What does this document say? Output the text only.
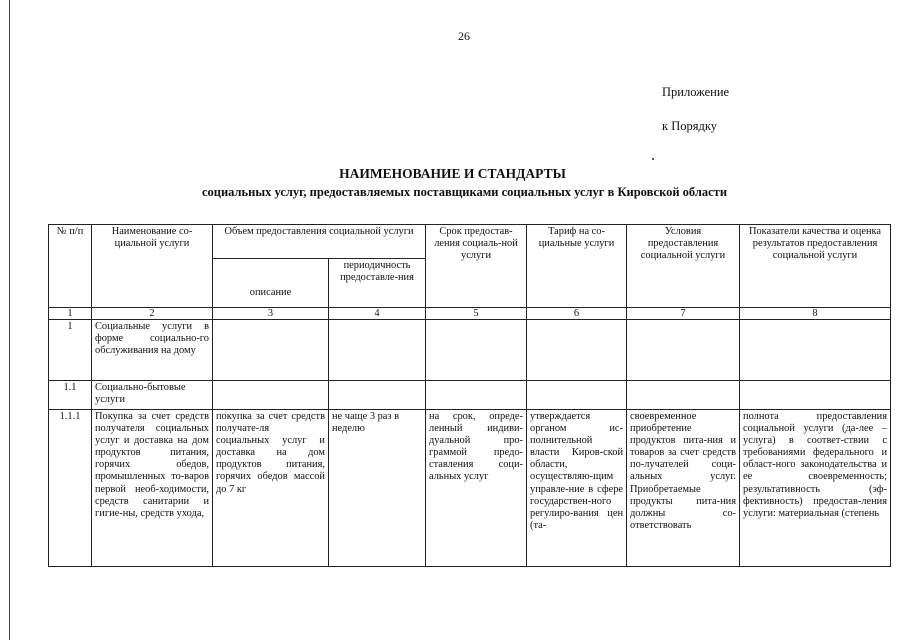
26
Приложение
к Порядку
НАИМЕНОВАНИЕ И СТАНДАРТЫ
социальных услуг, предоставляемых поставщиками социальных услуг в Кировской области
№ п/п	Наименование со-циальной услуги	Объем предоставления социальной услуги		Срок предостав-ления социаль-ной услуги	Тариф на со-циальные услуги	Условия предоставления социальной услуги	Показатели качества и оценка результатов предоставления социальной услуги
		описание	периодичность предоставле-ния				
1	2	3	4	5	6	7	8
1	Социальные услуги в форме социально-го обслуживания на дому						
1.1	Социально-бытовые услуги						
1.1.1	Покупка за счет средств получателя социальных услуг и доставка на дом продуктов питания, горячих обедов, промышленных то-варов первой необ-ходимости, средств санитарии и гигие-ны, средств ухода,	покупка за счет средств получате-ля социальных услуг и доставка на дом продуктов питания, горячих обедов массой до 7 кг	не чаще 3 раз в неделю	на срок, опреде-ленный индиви-дуальной про-граммой предо-ставления соци-альных услуг	утверждается органом ис-полнительной власти Киров-ской области, осуществляю-щим управле-ние в сфере государствен-ного регулиро-вания цен (та-	своевременное приобретение продуктов пита-ния и товаров за счет средств по-лучателей соци-альных услуг. Приобретаемые продукты пита-ния должны со-ответствовать	полнота предоставления социальной услуги (да-лее – услуга) в соответ-ствии с требованиями федерального и област-ного законодательства и ее своевременность; результативность (эф-фективность) предостав-ления услуги: материальная (степень
